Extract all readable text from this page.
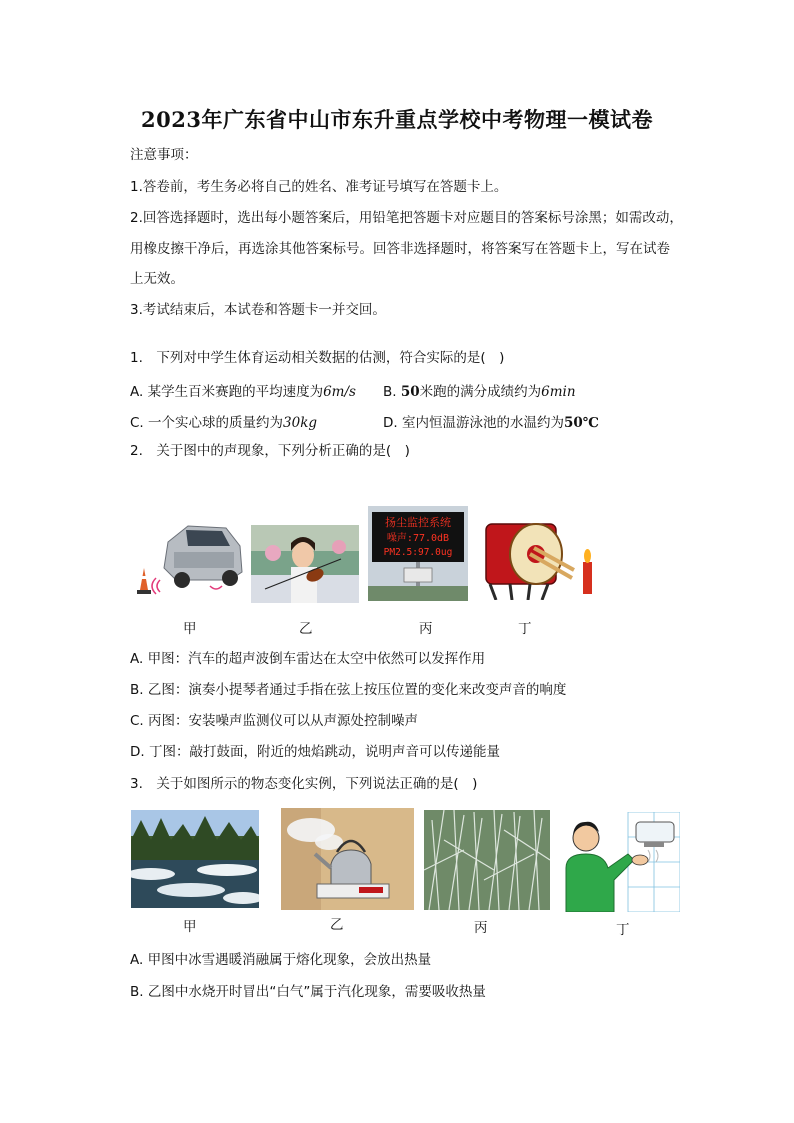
2023年广东省中山市东升重点学校中考物理一模试卷
注意事项：
1.答卷前，考生务必将自己的姓名、准考证号填写在答题卡上。
2.回答选择题时，选出每小题答案后，用铅笔把答题卡对应题目的答案标号涂黑；如需改动，
用橡皮擦干净后，再选涂其他答案标号。回答非选择题时，将答案写在答题卡上，写在试卷
上无效。
3.考试结束后，本试卷和答题卡一并交回。
1.　下列对中学生体育运动相关数据的估测，符合实际的是(　)
A. 某学生百米赛跑的平均速度为6m/s B. 50米跑的满分成绩约为6min
C. 一个实心球的质量约为30kg	D. 室内恒温游泳池的水温约为50℃
2.　关于图中的声现象，下列分析正确的是(　)
扬尘监控系统
噪声:77.0dB
PM2.5:97.0ug
甲	乙	丙	丁
A. 甲图：汽车的超声波倒车雷达在太空中依然可以发挥作用
B. 乙图：演奏小提琴者通过手指在弦上按压位置的变化来改变声音的响度
C. 丙图：安装噪声监测仪可以从声源处控制噪声
D. 丁图：敲打鼓面，附近的烛焰跳动，说明声音可以传递能量
3.　关于如图所示的物态变化实例，下列说法正确的是(　)
甲	乙	丙	丁
A. 甲图中冰雪遇暖消融属于熔化现象，会放出热量
B. 乙图中水烧开时冒出“白气”属于汽化现象，需要吸收热量
